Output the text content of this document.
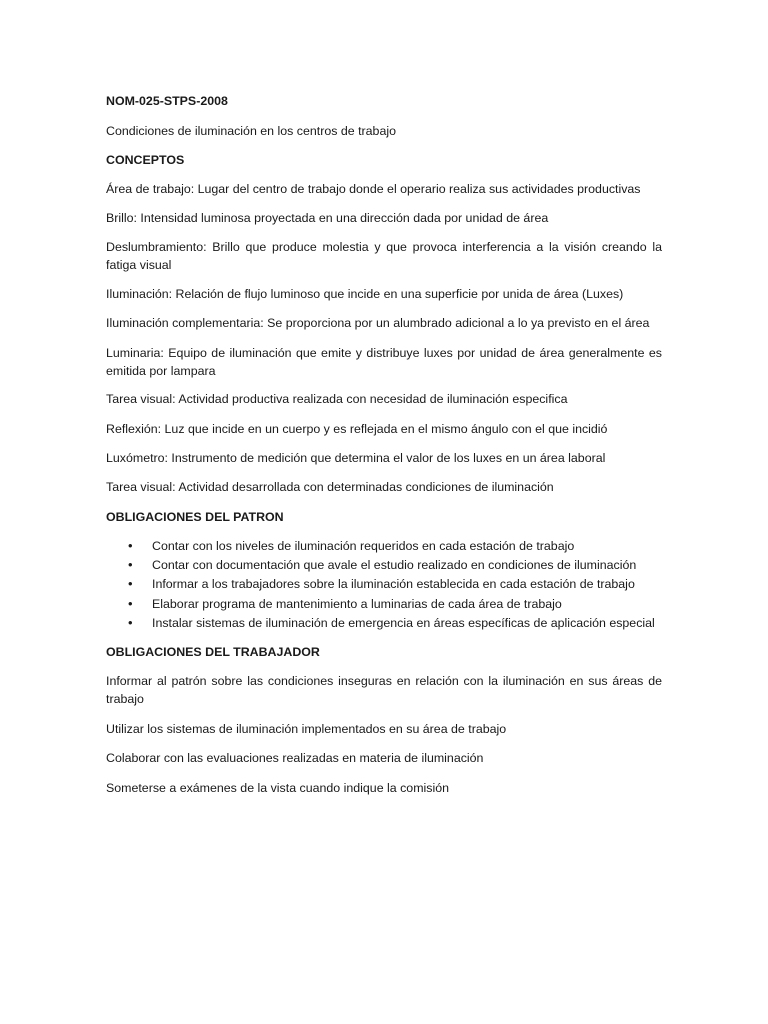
NOM-025-STPS-2008

Condiciones de iluminación en los centros de trabajo

CONCEPTOS

Área de trabajo: Lugar del centro de trabajo donde el operario realiza sus actividades productivas

Brillo: Intensidad luminosa proyectada en una dirección dada por unidad de área

Deslumbramiento: Brillo que produce molestia y que provoca interferencia a la visión creando la fatiga visual

Iluminación: Relación de flujo luminoso que incide en una superficie por unida de área (Luxes)

Iluminación complementaria: Se proporciona por un alumbrado adicional a lo ya previsto en el área

Luminaria: Equipo de iluminación que emite y distribuye luxes por unidad de área generalmente es emitida por lampara

Tarea visual: Actividad productiva realizada con necesidad de iluminación especifica

Reflexión: Luz que incide en un cuerpo y es reflejada en el mismo ángulo con el que incidió

Luxómetro: Instrumento de medición que determina el valor de los luxes en un área laboral

Tarea visual: Actividad desarrollada con determinadas condiciones de iluminación

OBLIGACIONES DEL PATRON

•	Contar con los niveles de iluminación requeridos en cada estación de trabajo
•	Contar con documentación que avale el estudio realizado en condiciones de iluminación
•	Informar a los trabajadores sobre la iluminación establecida en cada estación de trabajo
•	Elaborar programa de mantenimiento a luminarias de cada área de trabajo
•	Instalar sistemas de iluminación de emergencia en áreas específicas de aplicación especial

OBLIGACIONES DEL TRABAJADOR

Informar al patrón sobre las condiciones inseguras en relación con la iluminación en sus áreas de trabajo

Utilizar los sistemas de iluminación implementados en su área de trabajo

Colaborar con las evaluaciones realizadas en materia de iluminación

Someterse a exámenes de la vista cuando indique la comisión
